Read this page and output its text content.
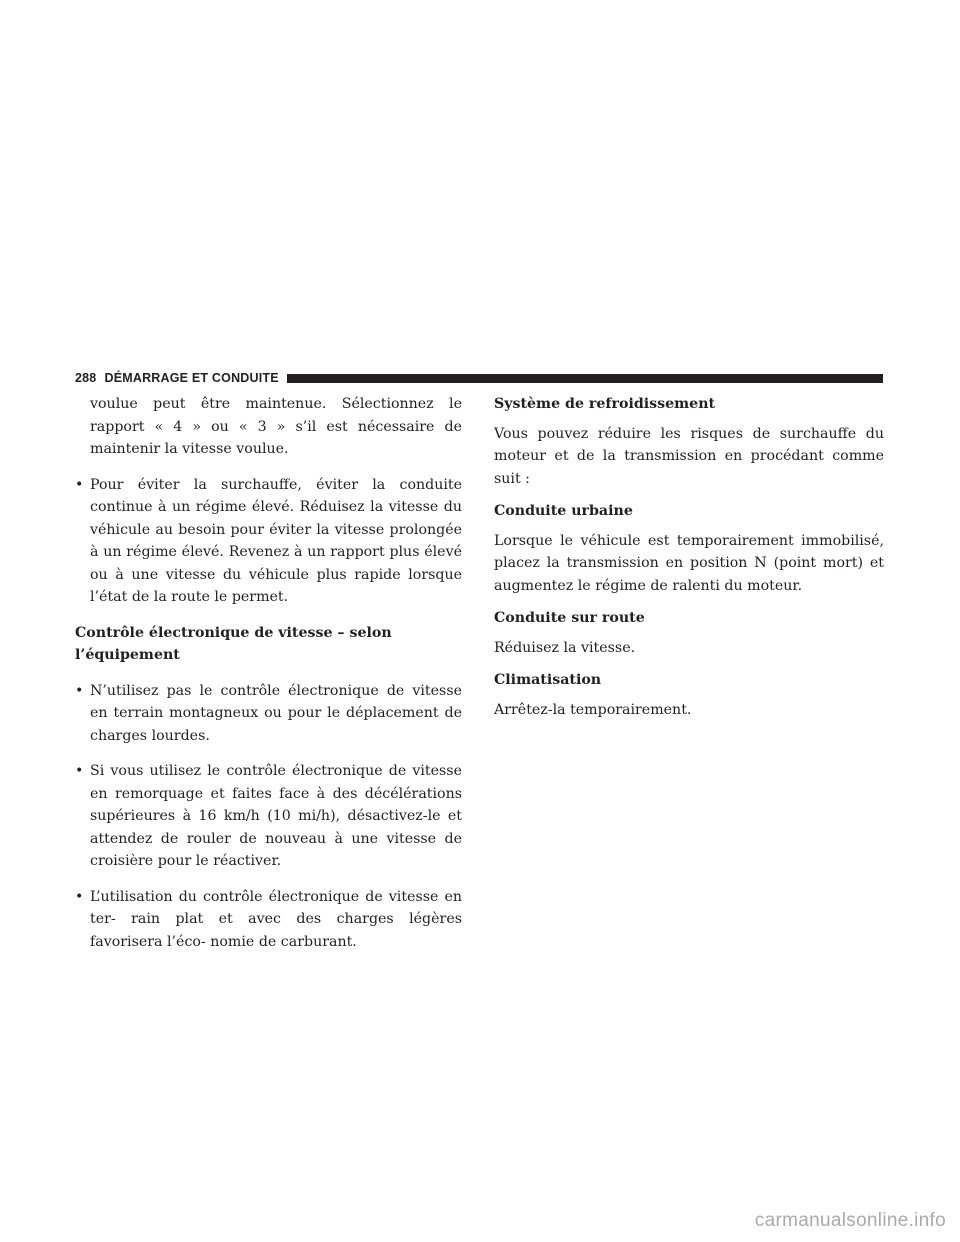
288 DÉMARRAGE ET CONDUITE

voulue peut être maintenue. Sélectionnez le rapport « 4 » ou « 3 » s’il est nécessaire de maintenir la vitesse voulue.

• Pour éviter la surchauffe, éviter la conduite continue à un régime élevé. Réduisez la vitesse du véhicule au besoin pour éviter la vitesse prolongée à un régime élevé. Revenez à un rapport plus élevé ou à une vitesse du véhicule plus rapide lorsque l’état de la route le permet.

Contrôle électronique de vitesse – selon l’équipement
• N’utilisez pas le contrôle électronique de vitesse en terrain montagneux ou pour le déplacement de charges lourdes.

• Si vous utilisez le contrôle électronique de vitesse en remorquage et faites face à des décélérations supérieures à 16 km/h (10 mi/h), désactivez-le et attendez de rouler de nouveau à une vitesse de croisière pour le réactiver.

• L’utilisation du contrôle électronique de vitesse en ter- rain plat et avec des charges légères favorisera l’éco- nomie de carburant.

Système de refroidissement

Vous pouvez réduire les risques de surchauffe du moteur et de la transmission en procédant comme suit :

Conduite urbaine

Lorsque le véhicule est temporairement immobilisé, placez la transmission en position N (point mort) et augmentez le régime de ralenti du moteur.

Conduite sur route

Réduisez la vitesse.

Climatisation

Arrêtez-la temporairement.

carmanualsonline.info
